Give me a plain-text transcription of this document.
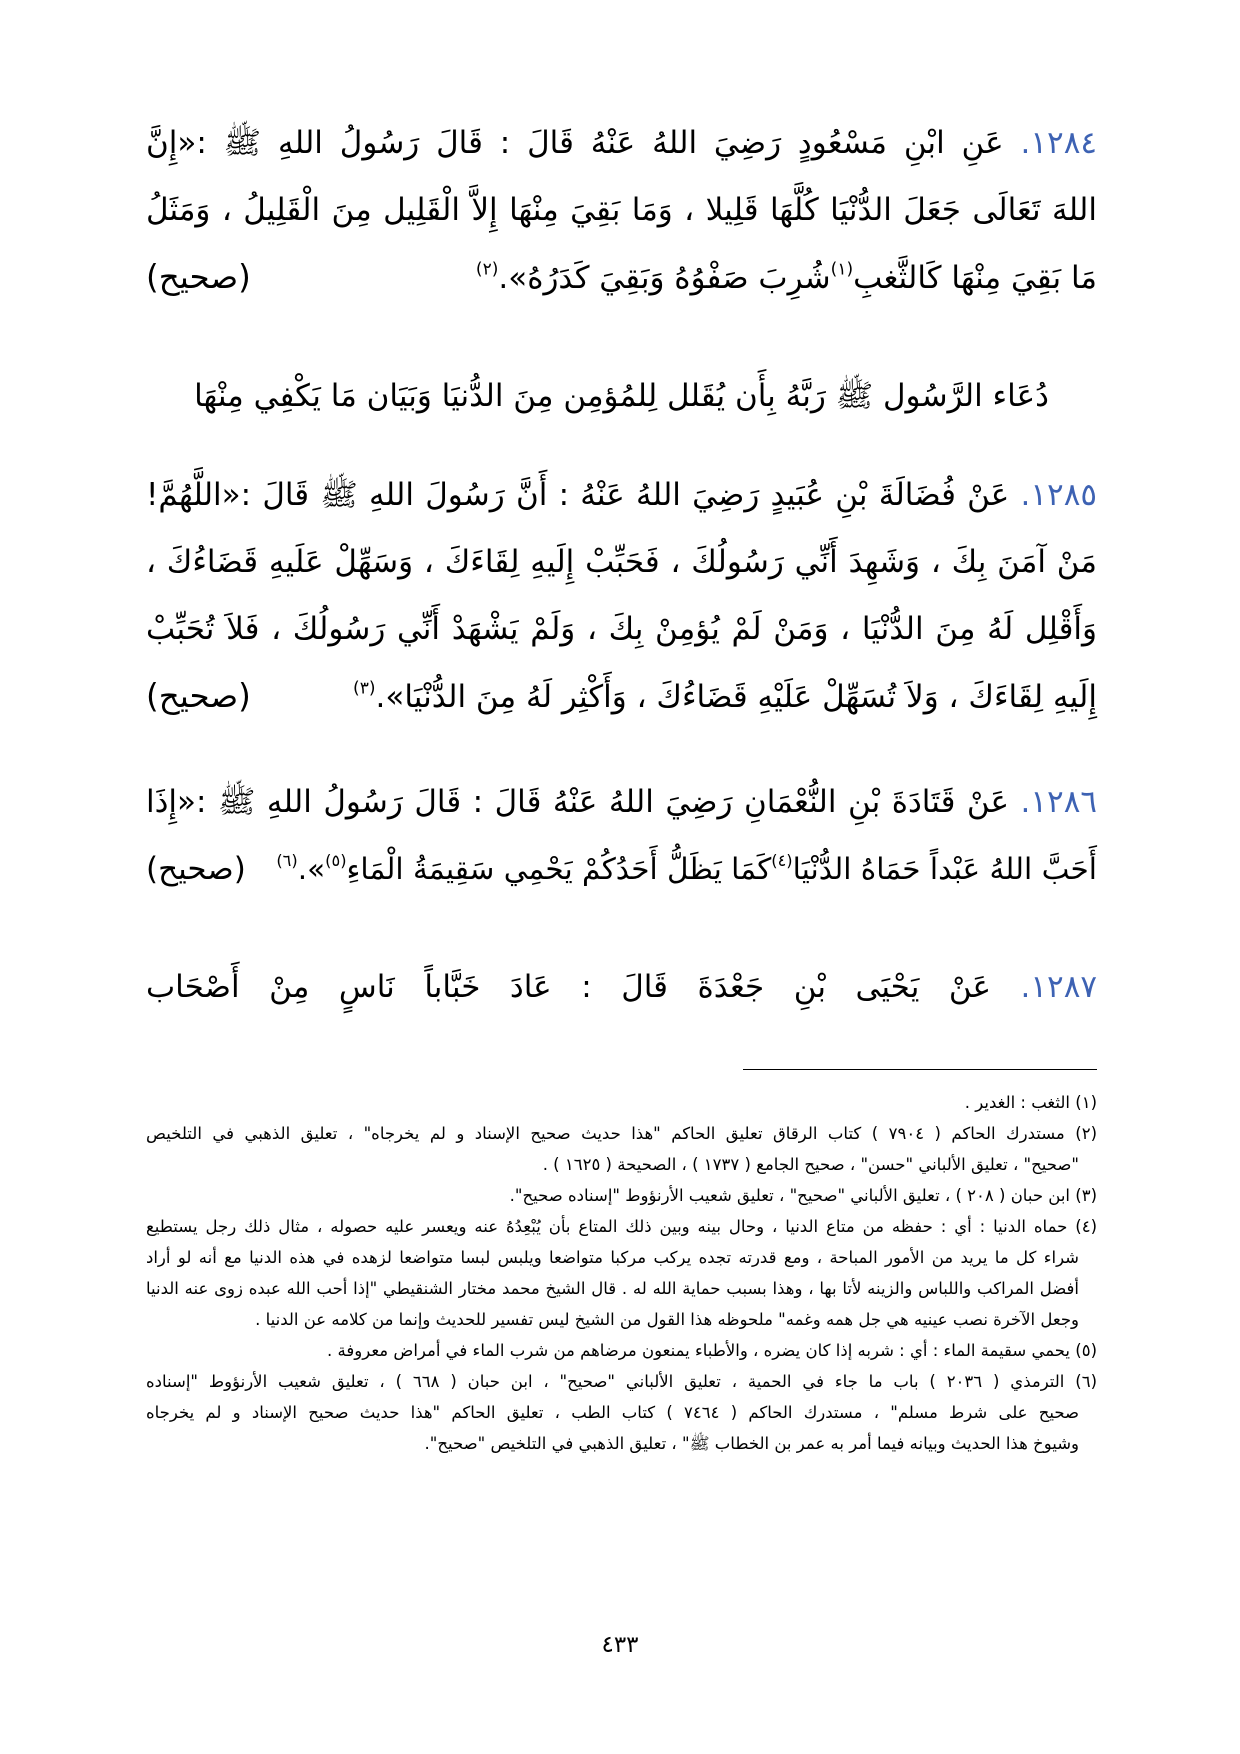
١٢٨٤. عَنِ ابْنِ مَسْعُودٍ رَضِيَ اللهُ عَنْهُ قَالَ : قَالَ رَسُولُ اللهِ ﷺ :«إِنَّ
اللهَ تَعَالَى جَعَلَ الدُّنْيَا كُلَّهَا قَلِيلا ، وَمَا بَقِيَ مِنْهَا إِلاَّ الْقَلِيل مِنَ الْقَلِيلُ ، وَمَثَلُ
مَا بَقِيَ مِنْهَا كَالثَّغبِ$^{(١)}$شُرِبَ صَفْوُهُ وَبَقِيَ كَدَرُهُ».$^{(٢)}$
(صحيح)
دُعَاء الرَّسُول ﷺ رَبَّهُ بِأَن يُقَلل لِلمُؤمِن مِنَ الدُّنيَا وَبَيَان مَا يَكْفِي مِنْهَا
١٢٨٥. عَنْ فُضَالَةَ بْنِ عُبَيدٍ رَضِيَ اللهُ عَنْهُ : أَنَّ رَسُولَ اللهِ ﷺ قَالَ :«اللَّهُمَّ!
مَنْ آمَنَ بِكَ ، وَشَهِدَ أَنِّي رَسُولُكَ ، فَحَبِّبْ إِلَيهِ لِقَاءَكَ ، وَسَهِّلْ عَلَيهِ قَضَاءُكَ ،
وَأَقْلِل لَهُ مِنَ الدُّنْيَا ، وَمَنْ لَمْ يُؤمِنْ بِكَ ، وَلَمْ يَشْهَدْ أَنِّي رَسُولُكَ ، فَلاَ تُحَبِّبْ
إِلَيهِ لِقَاءَكَ ، وَلاَ تُسَهِّلْ عَلَيْهِ قَضَاءُكَ ، وَأَكْثِر لَهُ مِنَ الدُّنْيَا».$^{(٣)}$
(صحيح)
١٢٨٦. عَنْ قَتَادَةَ بْنِ النُّعْمَانِ رَضِيَ اللهُ عَنْهُ قَالَ : قَالَ رَسُولُ اللهِ ﷺ :«إِذَا
أَحَبَّ اللهُ عَبْداً حَمَاهُ الدُّنْيَا$^{(٤)}$كَمَا يَظَلُّ أَحَدُكُمْ يَحْمِي سَقِيمَةُ الْمَاءِ$^{(٥)}$».$^{(٦)}$
(صحيح)
١٢٨٧. عَنْ يَحْيَى بْنِ جَعْدَةَ قَالَ : عَادَ خَبَّاباً نَاسٍ مِنْ أَصْحَاب
(١) الثغب : الغدير .
(٢) مستدرك الحاكم ( ٧٩٠٤ ) كتاب الرقاق تعليق الحاكم "هذا حديث صحيح الإسناد و لم يخرجاه" ، تعليق الذهبي في التلخيص
"صحيح" ، تعليق الألباني "حسن" ، صحيح الجامع ( ١٧٣٧ ) ، الصحيحة ( ١٦٢٥ ) .
(٣) ابن حبان ( ٢٠٨ ) ، تعليق الألباني "صحيح" ، تعليق شعيب الأرنؤوط "إسناده صحيح".
(٤) حماه الدنيا : أي : حفظه من متاع الدنيا ، وحال بينه وبين ذلك المتاع بأن يُبْعِدُهُ عنه ويعسر عليه حصوله ، مثال ذلك رجل يستطيع
شراء كل ما يريد من الأمور المباحة ، ومع قدرته تجده يركب مركبا متواضعا ويلبس لبسا متواضعا لزهده في هذه الدنيا مع أنه لو أراد
أفضل المراكب واللباس والزينه لأتا بها ، وهذا بسبب حماية الله له . قال الشيخ محمد مختار الشنقيطي "إذا أحب الله عبده زوى عنه الدنيا
وجعل الآخرة نصب عينيه هي جل همه وغمه" ملحوظه هذا القول من الشيخ ليس تفسير للحديث وإنما من كلامه عن الدنيا .
(٥) يحمي سقيمة الماء : أي : شربه إذا كان يضره ، والأطباء يمنعون مرضاهم من شرب الماء في أمراض معروفة .
(٦) الترمذي ( ٢٠٣٦ ) باب ما جاء في الحمية ، تعليق الألباني "صحيح" ، ابن حبان ( ٦٦٨ ) ، تعليق شعيب الأرنؤوط "إسناده
صحيح على شرط مسلم" ، مستدرك الحاكم ( ٧٤٦٤ ) كتاب الطب ، تعليق الحاكم "هذا حديث صحيح الإسناد و لم يخرجاه
وشيوخ هذا الحديث وبيانه فيما أمر به عمر بن الخطاب ﷺ" ، تعليق الذهبي في التلخيص "صحيح".
٤٣٣
